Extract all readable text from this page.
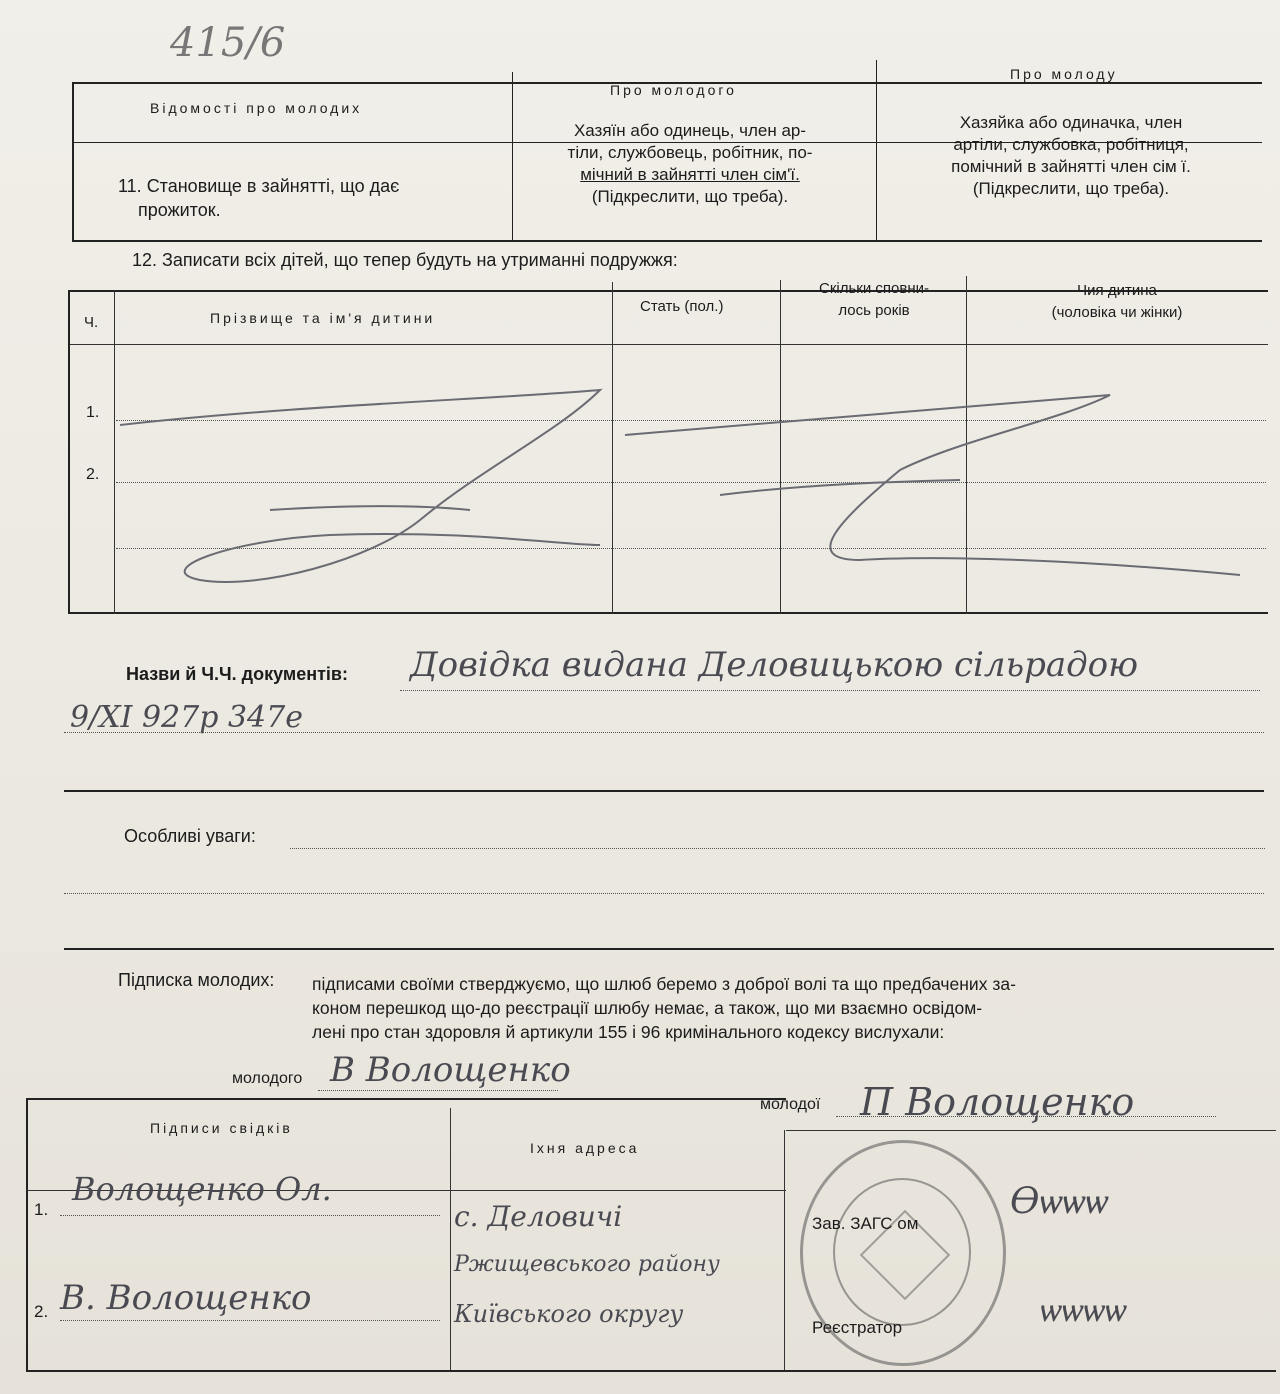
415/6
Відомості про молодих
Про молодого
Про молоду
11. Становище в зайнятті, що дає
прожиток.
Хазяїн або одинець, член ар-
тіли, службовець, робітник, по-
мічний в зайнятті член сім'ї.
(Підкреслити, що треба).
Хазяйка або одиначка, член
артіли, службовка, робітниця,
помічний в зайнятті член сім ї.
(Підкреслити, що треба).
12. Записати всіх дітей, що тепер будуть на утриманні подружжя:
Ч.	Прізвище та ім'я дитини
Стать (пол.)
Скільки сповни-
лось років
Чия дитина
(чоловіка чи жінки)
1.
2.
Назви й Ч.Ч. документів: Довідка видана Деловицькою сільрадою
9/XI 927р 347е
Особливі уваги:
Підписка молодих: підписами своїми стверджуємо, що шлюб беремо з доброї волі та що предбачених за-
коном перешкод що-до реєстрації шлюбу немає, а також, що ми взаємно освідом-
лені про стан здоровля й артикули 155 і 96 кримінального кодексу вислухали:
молодого В Волощенко
молодої П Волощенко
Підписи свідків
Іхня адреса
1.
2.
Волощенко Ол.
В. Волощенко
с. Деловичі
Ржищевського району
Київського округу
Зав. ЗАГС ом
Ѳѡѡѡ
Реєстратор	ѡѡѡѡ
